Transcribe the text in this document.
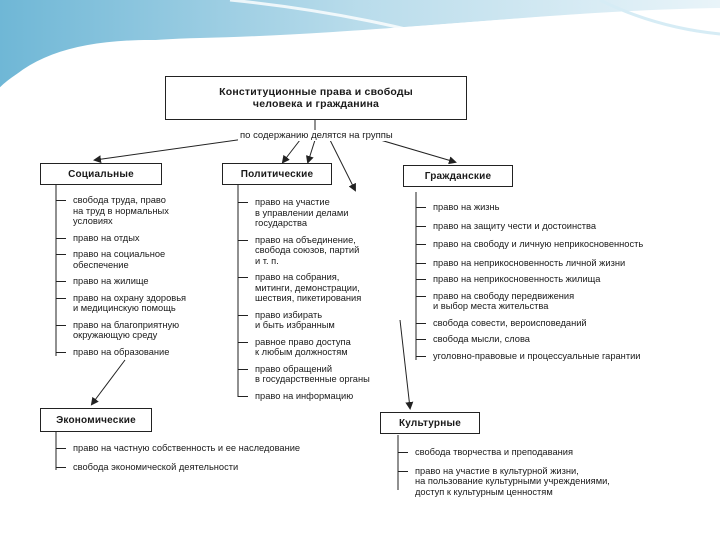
Конституционные права и свободы
человека и гражданина
по содержанию делятся на группы
Социальные	Политические	Гражданские
Экономические	Культурные
свобода труда, право
на труд в нормальных
условиях
право на отдых
право на социальное
обеспечение
право на жилище
право на охрану здоровья
и медицинскую помощь
право на благоприятную
окружающую среду
право на образование
право на участие
в управлении делами
государства
право на объединение,
свобода союзов, партий
и т. п.
право на собрания,
митинги, демонстрации,
шествия, пикетирования
право избирать
и быть избранным
равное право доступа
к любым должностям
право обращений
в государственные органы
право на информацию
право на жизнь
право на защиту чести и достоинства
право на свободу и личную неприкосновенность
право на неприкосновенность личной жизни
право на неприкосновенность жилища
право на свободу передвижения
и выбор места жительства
свобода совести, вероисповеданий
свобода мысли, слова
уголовно-правовые и процессуальные гарантии
право на частную собственность и ее наследование
свобода экономической деятельности
свобода творчества и преподавания
право на участие в культурной жизни,
на пользование культурными учреждениями,
доступ к культурным ценностям
